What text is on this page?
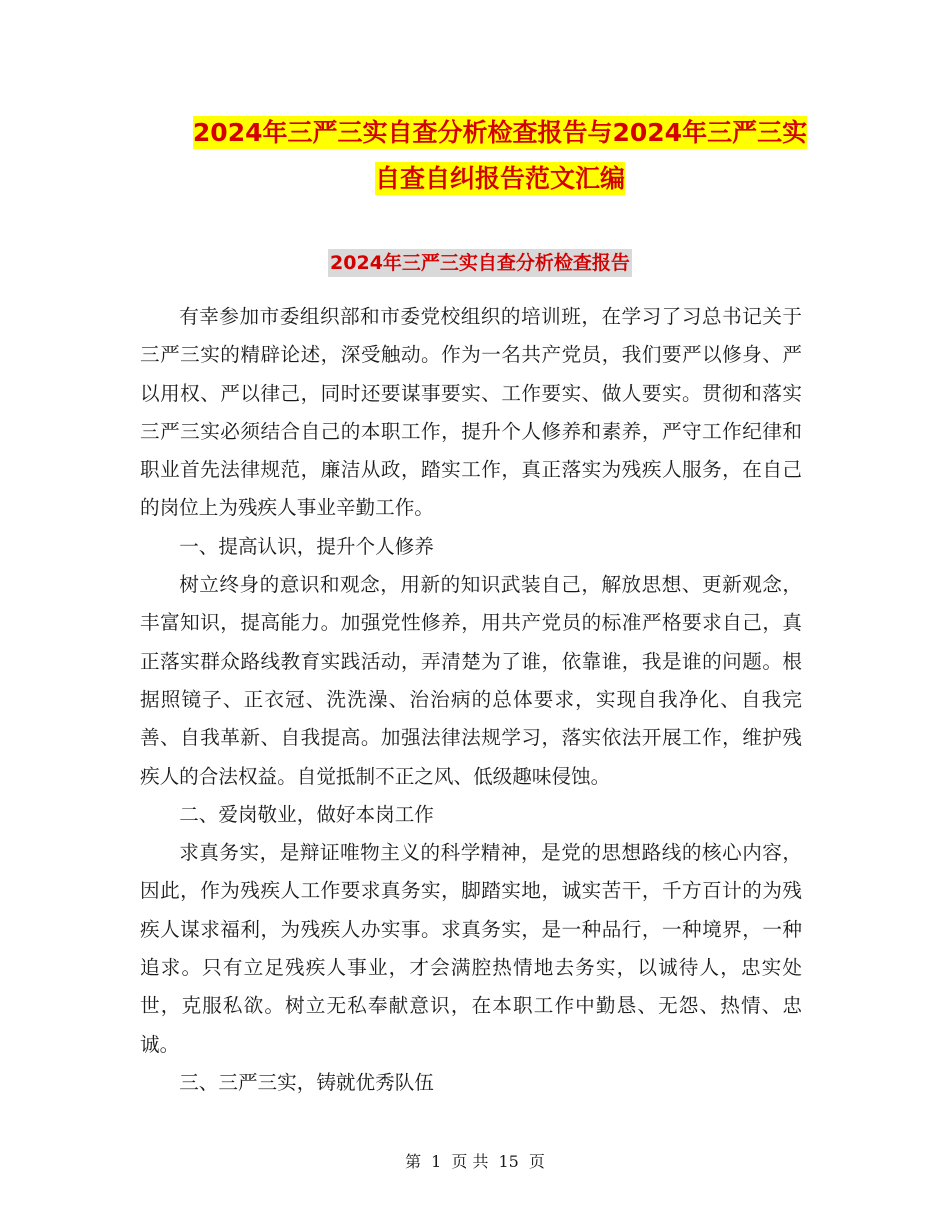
2024年三严三实自查分析检查报告与2024年三严三实
自查自纠报告范文汇编
2024年三严三实自查分析检查报告

有幸参加市委组织部和市委党校组织的培训班，在学习了习总书记关于三严三实的精辟论述，深受触动。作为一名共产党员，我们要严以修身、严以用权、严以律己，同时还要谋事要实、工作要实、做人要实。贯彻和落实三严三实必须结合自己的本职工作，提升个人修养和素养，严守工作纪律和职业首先法律规范，廉洁从政，踏实工作，真正落实为残疾人服务，在自己的岗位上为残疾人事业辛勤工作。

一、提高认识，提升个人修养

树立终身的意识和观念，用新的知识武装自己，解放思想、更新观念，丰富知识，提高能力。加强党性修养，用共产党员的标准严格要求自己，真正落实群众路线教育实践活动，弄清楚为了谁，依靠谁，我是谁的问题。根据照镜子、正衣冠、洗洗澡、治治病的总体要求，实现自我净化、自我完善、自我革新、自我提高。加强法律法规学习，落实依法开展工作，维护残疾人的合法权益。自觉抵制不正之风、低级趣味侵蚀。

二、爱岗敬业，做好本岗工作

求真务实，是辩证唯物主义的科学精神，是党的思想路线的核心内容，因此，作为残疾人工作要求真务实，脚踏实地，诚实苦干，千方百计的为残疾人谋求福利，为残疾人办实事。求真务实，是一种品行，一种境界，一种追求。只有立足残疾人事业，才会满腔热情地去务实，以诚待人，忠实处世，克服私欲。树立无私奉献意识，在本职工作中勤恳、无怨、热情、忠诚。

三、三严三实，铸就优秀队伍

第 1 页 共 15 页
